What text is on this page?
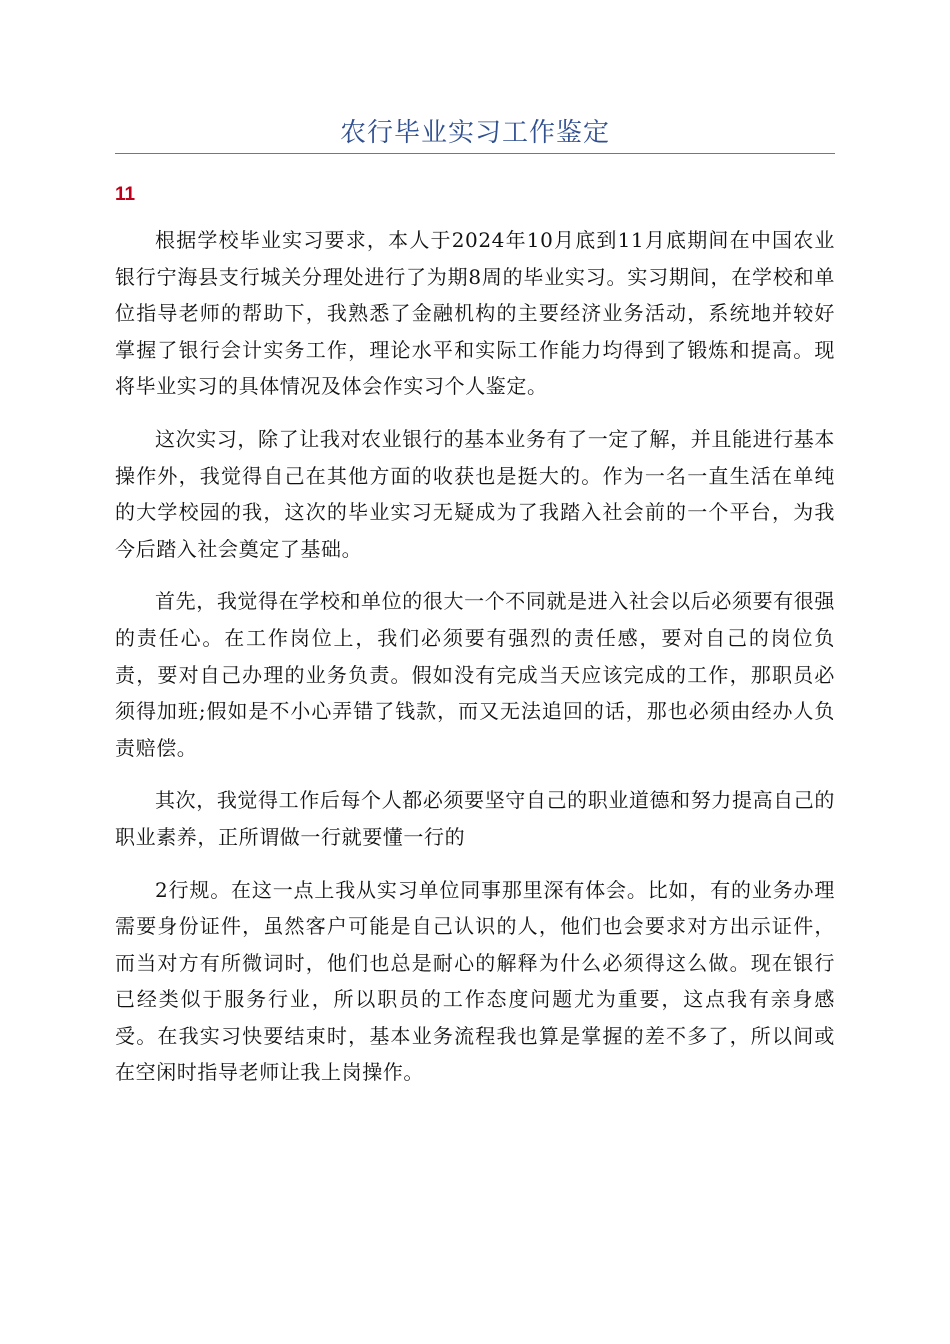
农行毕业实习工作鉴定
11

根据学校毕业实习要求，本人于2024年10月底到11月底期间在中国农业银行宁海县支行城关分理处进行了为期8周的毕业实习。实习期间，在学校和单位指导老师的帮助下，我熟悉了金融机构的主要经济业务活动，系统地并较好掌握了银行会计实务工作，理论水平和实际工作能力均得到了锻炼和提高。现将毕业实习的具体情况及体会作实习个人鉴定。

这次实习，除了让我对农业银行的基本业务有了一定了解，并且能进行基本操作外，我觉得自己在其他方面的收获也是挺大的。作为一名一直生活在单纯的大学校园的我，这次的毕业实习无疑成为了我踏入社会前的一个平台，为我今后踏入社会奠定了基础。

首先，我觉得在学校和单位的很大一个不同就是进入社会以后必须要有很强的责任心。在工作岗位上，我们必须要有强烈的责任感，要对自己的岗位负责，要对自己办理的业务负责。假如没有完成当天应该完成的工作，那职员必须得加班;假如是不小心弄错了钱款，而又无法追回的话，那也必须由经办人负责赔偿。

其次，我觉得工作后每个人都必须要坚守自己的职业道德和努力提高自己的职业素养，正所谓做一行就要懂一行的

2行规。在这一点上我从实习单位同事那里深有体会。比如，有的业务办理需要身份证件，虽然客户可能是自己认识的人，他们也会要求对方出示证件，而当对方有所微词时，他们也总是耐心的解释为什么必须得这么做。现在银行已经类似于服务行业，所以职员的工作态度问题尤为重要，这点我有亲身感受。在我实习快要结束时，基本业务流程我也算是掌握的差不多了，所以间或在空闲时指导老师让我上岗操作。
